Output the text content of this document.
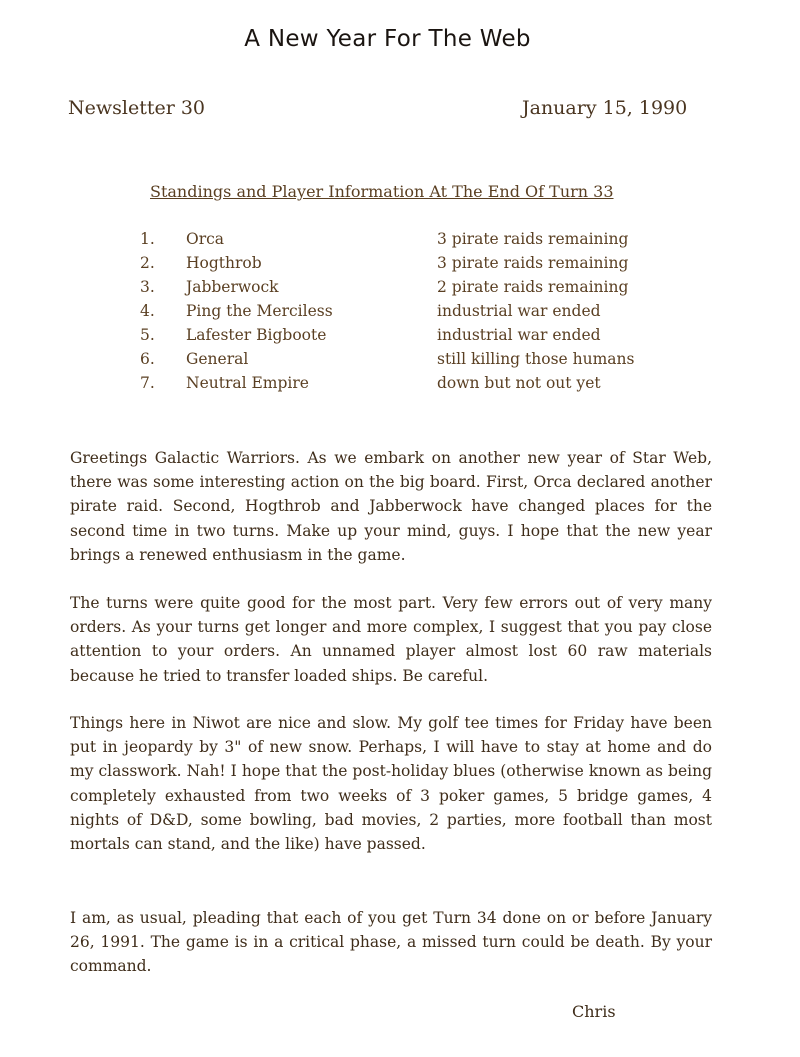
A New Year For The Web
Newsletter 30	January 15, 1990
Standings and Player Information At The End Of Turn 33
1.	Orca	3 pirate raids remaining
2.	Hogthrob	3 pirate raids remaining
3.	Jabberwock	2 pirate raids remaining
4.	Ping the Merciless	industrial war ended
5.	Lafester Bigboote	industrial war ended
6.	General	still killing those humans
7.	Neutral Empire	down but not out yet

Greetings Galactic Warriors. As we embark on another new year of Star Web, there was some interesting action on the big board. First, Orca declared another pirate raid. Second, Hogthrob and Jabberwock have changed places for the second time in two turns. Make up your mind, guys. I hope that the new year brings a renewed enthusiasm in the game.

The turns were quite good for the most part. Very few errors out of very many orders. As your turns get longer and more complex, I suggest that you pay close attention to your orders. An unnamed player almost lost 60 raw materials because he tried to transfer loaded ships. Be careful.

Things here in Niwot are nice and slow. My golf tee times for Friday have been put in jeopardy by 3" of new snow. Perhaps, I will have to stay at home and do my classwork. Nah! I hope that the post-holiday blues (otherwise known as being completely exhausted from two weeks of 3 poker games, 5 bridge games, 4 nights of D&D, some bowling, bad movies, 2 parties, more football than most mortals can stand, and the like) have passed.

I am, as usual, pleading that each of you get Turn 34 done on or before January 26, 1991. The game is in a critical phase, a missed turn could be death. By your command.

Chris
